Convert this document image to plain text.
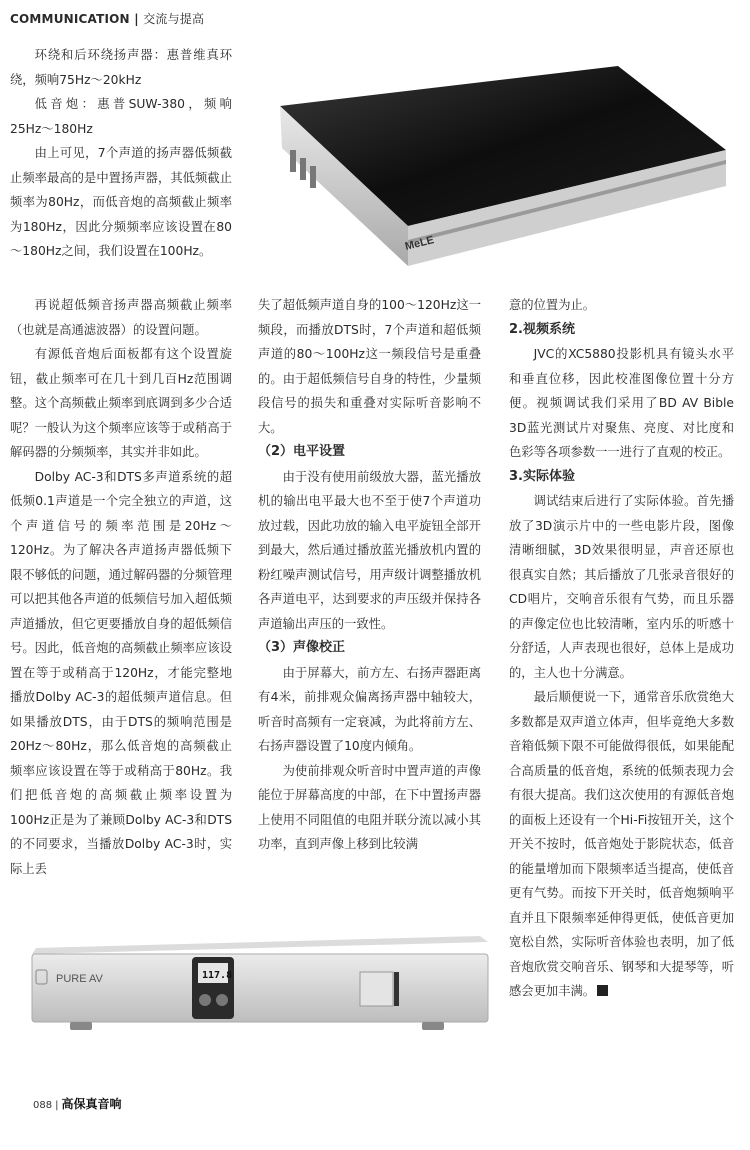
COMMUNICATION | 交流与提高

环绕和后环绕扬声器：惠普维真环绕，频响75Hz～20kHz

低音炮：惠普SUW-380，频响25Hz～180Hz

由上可见，7个声道的扬声器低频截止频率最高的是中置扬声器，其低频截止频率为80Hz，而低音炮的高频截止频率为180Hz，因此分频频率应该设置在80～180Hz之间，我们设置在100Hz。	MeLE

再说超低频音扬声器高频截止频率（也就是高通滤波器）的设置问题。

有源低音炮后面板都有这个设置旋钮，截止频率可在几十到几百Hz范围调整。这个高频截止频率到底调到多少合适呢？一般认为这个频率应该等于或稍高于解码器的分频频率，其实并非如此。

Dolby AC-3和DTS多声道系统的超低频0.1声道是一个完全独立的声道，这个声道信号的频率范围是20Hz～120Hz。为了解决各声道扬声器低频下限不够低的问题，通过解码器的分频管理可以把其他各声道的低频信号加入超低频声道播放，但它更要播放自身的超低频信号。因此，低音炮的高频截止频率应该设置在等于或稍高于120Hz，才能完整地播放Dolby AC-3的超低频声道信息。但如果播放DTS，由于DTS的频响范围是20Hz～80Hz，那么低音炮的高频截止频率应该设置在等于或稍高于80Hz。我们把低音炮的高频截止频率设置为100Hz正是为了兼顾Dolby AC-3和DTS的不同要求，当播放Dolby AC-3时，实际上丢

失了超低频声道自身的100～120Hz这一频段，而播放DTS时，7个声道和超低频声道的80～100Hz这一频段信号是重叠的。由于超低频信号自身的特性，少量频段信号的损失和重叠对实际听音影响不大。

（2）电平设置

由于没有使用前级放大器，蓝光播放机的输出电平最大也不至于使7个声道功放过载，因此功放的输入电平旋钮全部开到最大，然后通过播放蓝光播放机内置的粉红噪声测试信号，用声级计调整播放机各声道电平，达到要求的声压级并保持各声道输出声压的一致性。

（3）声像校正

由于屏幕大，前方左、右扬声器距离有4米，前排观众偏离扬声器中轴较大，听音时高频有一定衰减，为此将前方左、右扬声器设置了10度内倾角。

为使前排观众听音时中置声道的声像能位于屏幕高度的中部，在下中置扬声器上使用不同阻值的电阻并联分流以减小其功率，直到声像上移到比较满

意的位置为止。

2.视频系统

JVC的XC5880投影机具有镜头水平和垂直位移，因此校准图像位置十分方便。视频调试我们采用了BD AV Bible 3D蓝光测试片对聚焦、亮度、对比度和色彩等各项参数一一进行了直观的校正。

3.实际体验

调试结束后进行了实际体验。首先播放了3D演示片中的一些电影片段，图像清晰细腻，3D效果很明显，声音还原也很真实自然；其后播放了几张录音很好的CD唱片，交响音乐很有气势，而且乐器的声像定位也比较清晰，室内乐的听感十分舒适，人声表现也很好，总体上是成功的，主人也十分满意。

最后顺便说一下，通常音乐欣赏绝大多数都是双声道立体声，但毕竟绝大多数音箱低频下限不可能做得很低，如果能配合高质量的低音炮，系统的低频表现力会有很大提高。我们这次使用的有源低音炮的面板上还设有一个Hi-Fi按钮开关，这个开关不按时，低音炮处于影院状态，低音的能量增加而下限频率适当提高，使低音更有气势。而按下开关时，低音炮频响平直并且下限频率延伸得更低，使低音更加宽松自然，实际听音体验也表明，加了低音炮欣赏交响音乐、钢琴和大提琴等，听感会更加丰满。

PURE AV	117.8
088 | 高保真音响
